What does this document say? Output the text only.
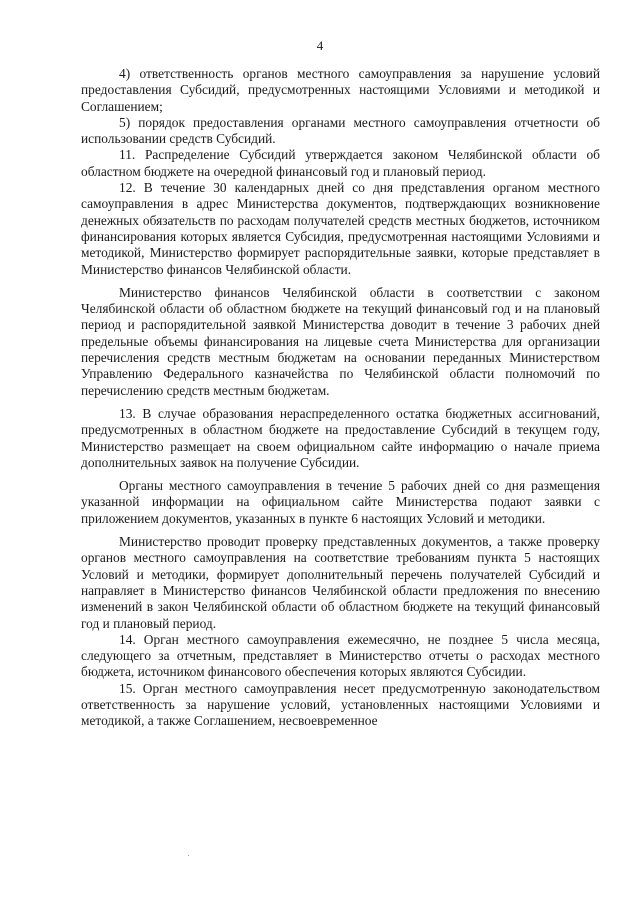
4

4) ответственность органов местного самоуправления за нарушение условий предоставления Субсидий, предусмотренных настоящими Условиями и методикой и Соглашением;

5) порядок предоставления органами местного самоуправления отчетности об использовании средств Субсидий.

11. Распределение Субсидий утверждается законом Челябинской области об областном бюджете на очередной финансовый год и плановый период.

12. В течение 30 календарных дней со дня представления органом местного самоуправления в адрес Министерства документов, подтверждающих возникновение денежных обязательств по расходам получателей средств местных бюджетов, источником финансирования которых является Субсидия, предусмотренная настоящими Условиями и методикой, Министерство формирует распорядительные заявки, которые представляет в Министерство финансов Челябинской области.

Министерство финансов Челябинской области в соответствии с законом Челябинской области об областном бюджете на текущий финансовый год и на плановый период и распорядительной заявкой Министерства доводит в течение 3 рабочих дней предельные объемы финансирования на лицевые счета Министерства для организации перечисления средств местным бюджетам на основании переданных Министерством Управлению Федерального казначейства по Челябинской области полномочий по перечислению средств местным бюджетам.

13. В случае образования нераспределенного остатка бюджетных ассигнований, предусмотренных в областном бюджете на предоставление Субсидий в текущем году, Министерство размещает на своем официальном сайте информацию о начале приема дополнительных заявок на получение Субсидии.

Органы местного самоуправления в течение 5 рабочих дней со дня размещения указанной информации на официальном сайте Министерства подают заявки с приложением документов, указанных в пункте 6 настоящих Условий и методики.

Министерство проводит проверку представленных документов, а также проверку органов местного самоуправления на соответствие требованиям пункта 5 настоящих Условий и методики, формирует дополнительный перечень получателей Субсидий и направляет в Министерство финансов Челябинской области предложения по внесению изменений в закон Челябинской области об областном бюджете на текущий финансовый год и плановый период.

14. Орган местного самоуправления ежемесячно, не позднее 5 числа месяца, следующего за отчетным, представляет в Министерство отчеты о расходах местного бюджета, источником финансового обеспечения которых являются Субсидии.

15. Орган местного самоуправления несет предусмотренную законодательством ответственность за нарушение условий, установленных настоящими Условиями и методикой, а также Соглашением, несвоевременное
